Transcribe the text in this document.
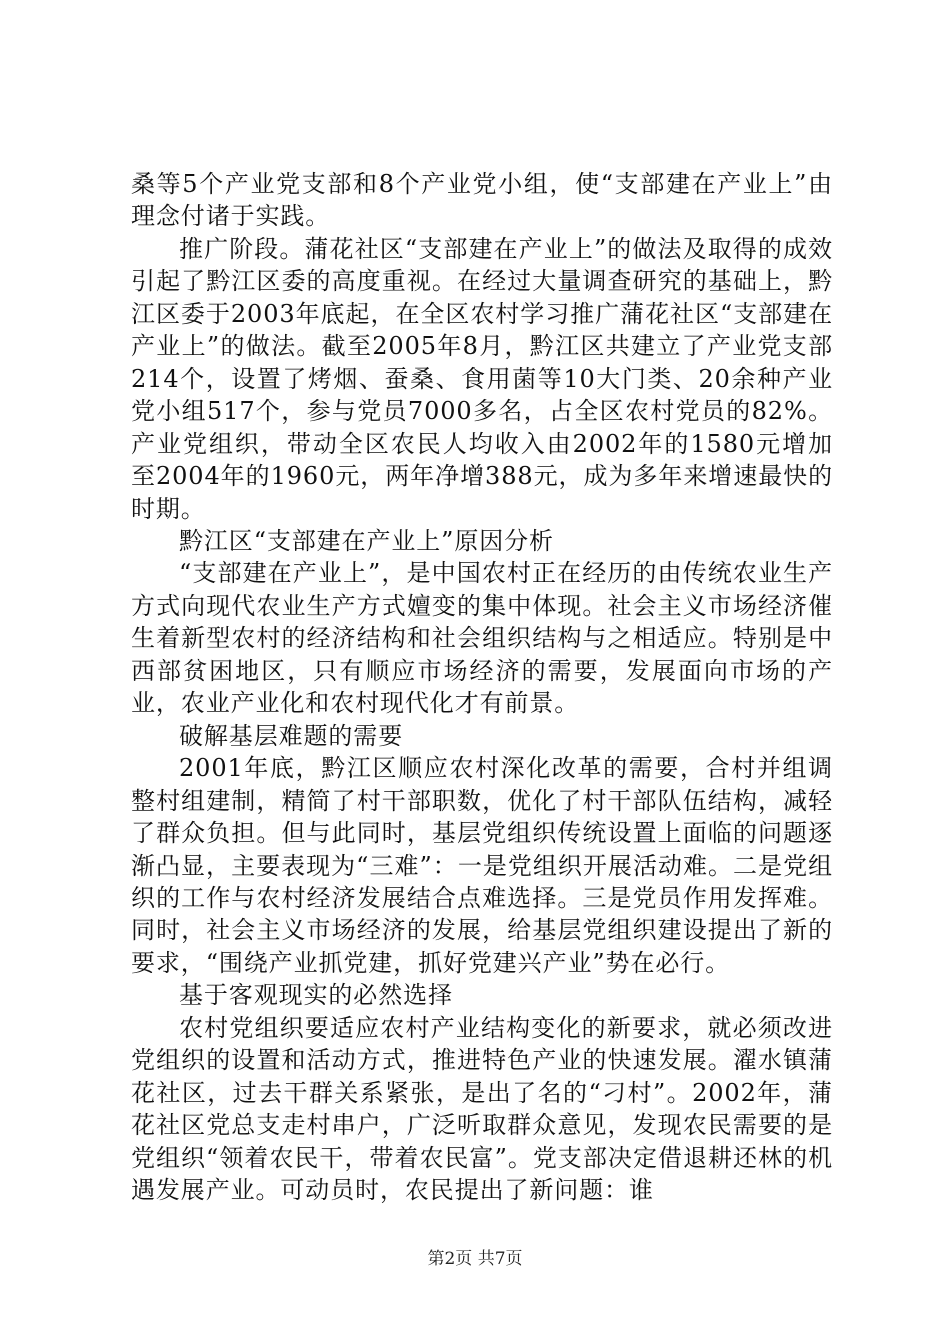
桑等5个产业党支部和8个产业党小组，使“支部建在产业上”由理念付诸于实践。

推广阶段。蒲花社区“支部建在产业上”的做法及取得的成效引起了黔江区委的高度重视。在经过大量调查研究的基础上，黔江区委于2003年底起，在全区农村学习推广蒲花社区“支部建在产业上”的做法。截至2005年8月，黔江区共建立了产业党支部214个，设置了烤烟、蚕桑、食用菌等10大门类、20余种产业党小组517个，参与党员7000多名，占全区农村党员的82%。产业党组织，带动全区农民人均收入由2002年的1580元增加至2004年的1960元，两年净增388元，成为多年来增速最快的时期。

黔江区“支部建在产业上”原因分析

“支部建在产业上”，是中国农村正在经历的由传统农业生产方式向现代农业生产方式嬗变的集中体现。社会主义市场经济催生着新型农村的经济结构和社会组织结构与之相适应。特别是中西部贫困地区，只有顺应市场经济的需要，发展面向市场的产业，农业产业化和农村现代化才有前景。

破解基层难题的需要

2001年底，黔江区顺应农村深化改革的需要，合村并组调整村组建制，精简了村干部职数，优化了村干部队伍结构，减轻了群众负担。但与此同时，基层党组织传统设置上面临的问题逐渐凸显，主要表现为“三难”：一是党组织开展活动难。二是党组织的工作与农村经济发展结合点难选择。三是党员作用发挥难。同时，社会主义市场经济的发展，给基层党组织建设提出了新的要求，“围绕产业抓党建，抓好党建兴产业”势在必行。

基于客观现实的必然选择

农村党组织要适应农村产业结构变化的新要求，就必须改进党组织的设置和活动方式，推进特色产业的快速发展。濯水镇蒲花社区，过去干群关系紧张，是出了名的“刁村”。2002年，蒲花社区党总支走村串户，广泛听取群众意见，发现农民需要的是党组织“领着农民干，带着农民富”。党支部决定借退耕还林的机遇发展产业。可动员时，农民提出了新问题：谁

第2页 共7页
